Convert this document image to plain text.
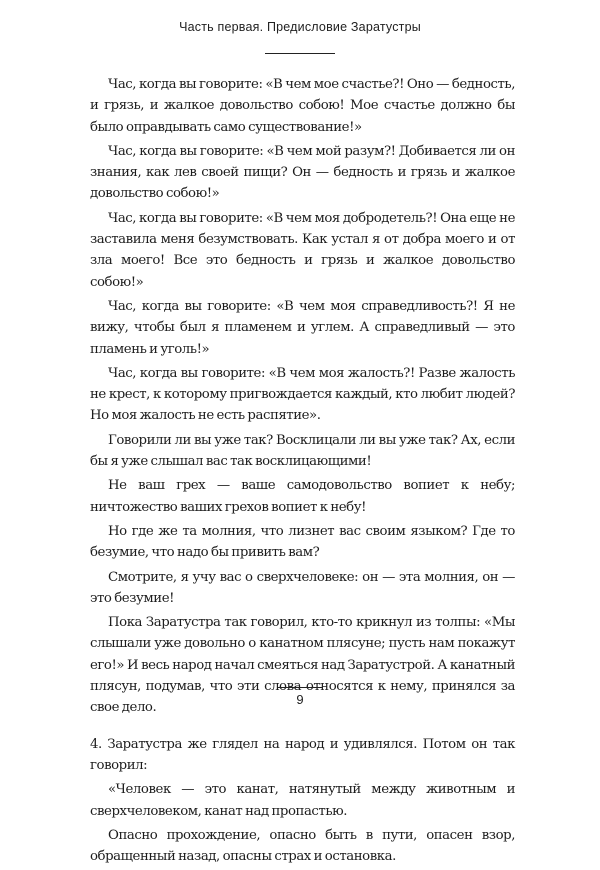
Часть первая. Предисловие Заратустры

Час, когда вы говорите: «В чем мое счастье?! Оно — бедность, и грязь, и жалкое довольство собою! Мое счастье должно бы было оправдывать само существование!»

Час, когда вы говорите: «В чем мой разум?! Добивается ли он знания, как лев своей пищи? Он — бедность и грязь и жалкое довольство собою!»

Час, когда вы говорите: «В чем моя добродетель?! Она еще не заставила меня безумствовать. Как устал я от добра моего и от зла моего! Все это бедность и грязь и жалкое довольство собою!»

Час, когда вы говорите: «В чем моя справедливость?! Я не вижу, чтобы был я пламенем и углем. А справедливый — это пламень и уголь!»

Час, когда вы говорите: «В чем моя жалость?! Разве жалость не крест, к которому пригвождается каждый, кто любит людей? Но моя жалость не есть распятие».

Говорили ли вы уже так? Восклицали ли вы уже так? Ах, если бы я уже слышал вас так восклицающими!

Не ваш грех — ваше самодовольство вопиет к небу; ничтожество ваших грехов вопиет к небу!

Но где же та молния, что лизнет вас своим языком? Где то безумие, что надо бы привить вам?

Смотрите, я учу вас о сверхчеловеке: он — эта молния, он — это безумие!

Пока Заратустра так говорил, кто-то крикнул из толпы: «Мы слышали уже довольно о канатном плясуне; пусть нам покажут его!» И весь народ начал смеяться над Заратустрой. А канатный плясун, подумав, что эти слова относятся к нему, принялся за свое дело.

4. Заратустра же глядел на народ и удивлялся. Потом он так говорил:

«Человек — это канат, натянутый между животным и сверхчеловеком, канат над пропастью.

Опасно прохождение, опасно быть в пути, опасен взор, обращенный назад, опасны страх и остановка.

9
